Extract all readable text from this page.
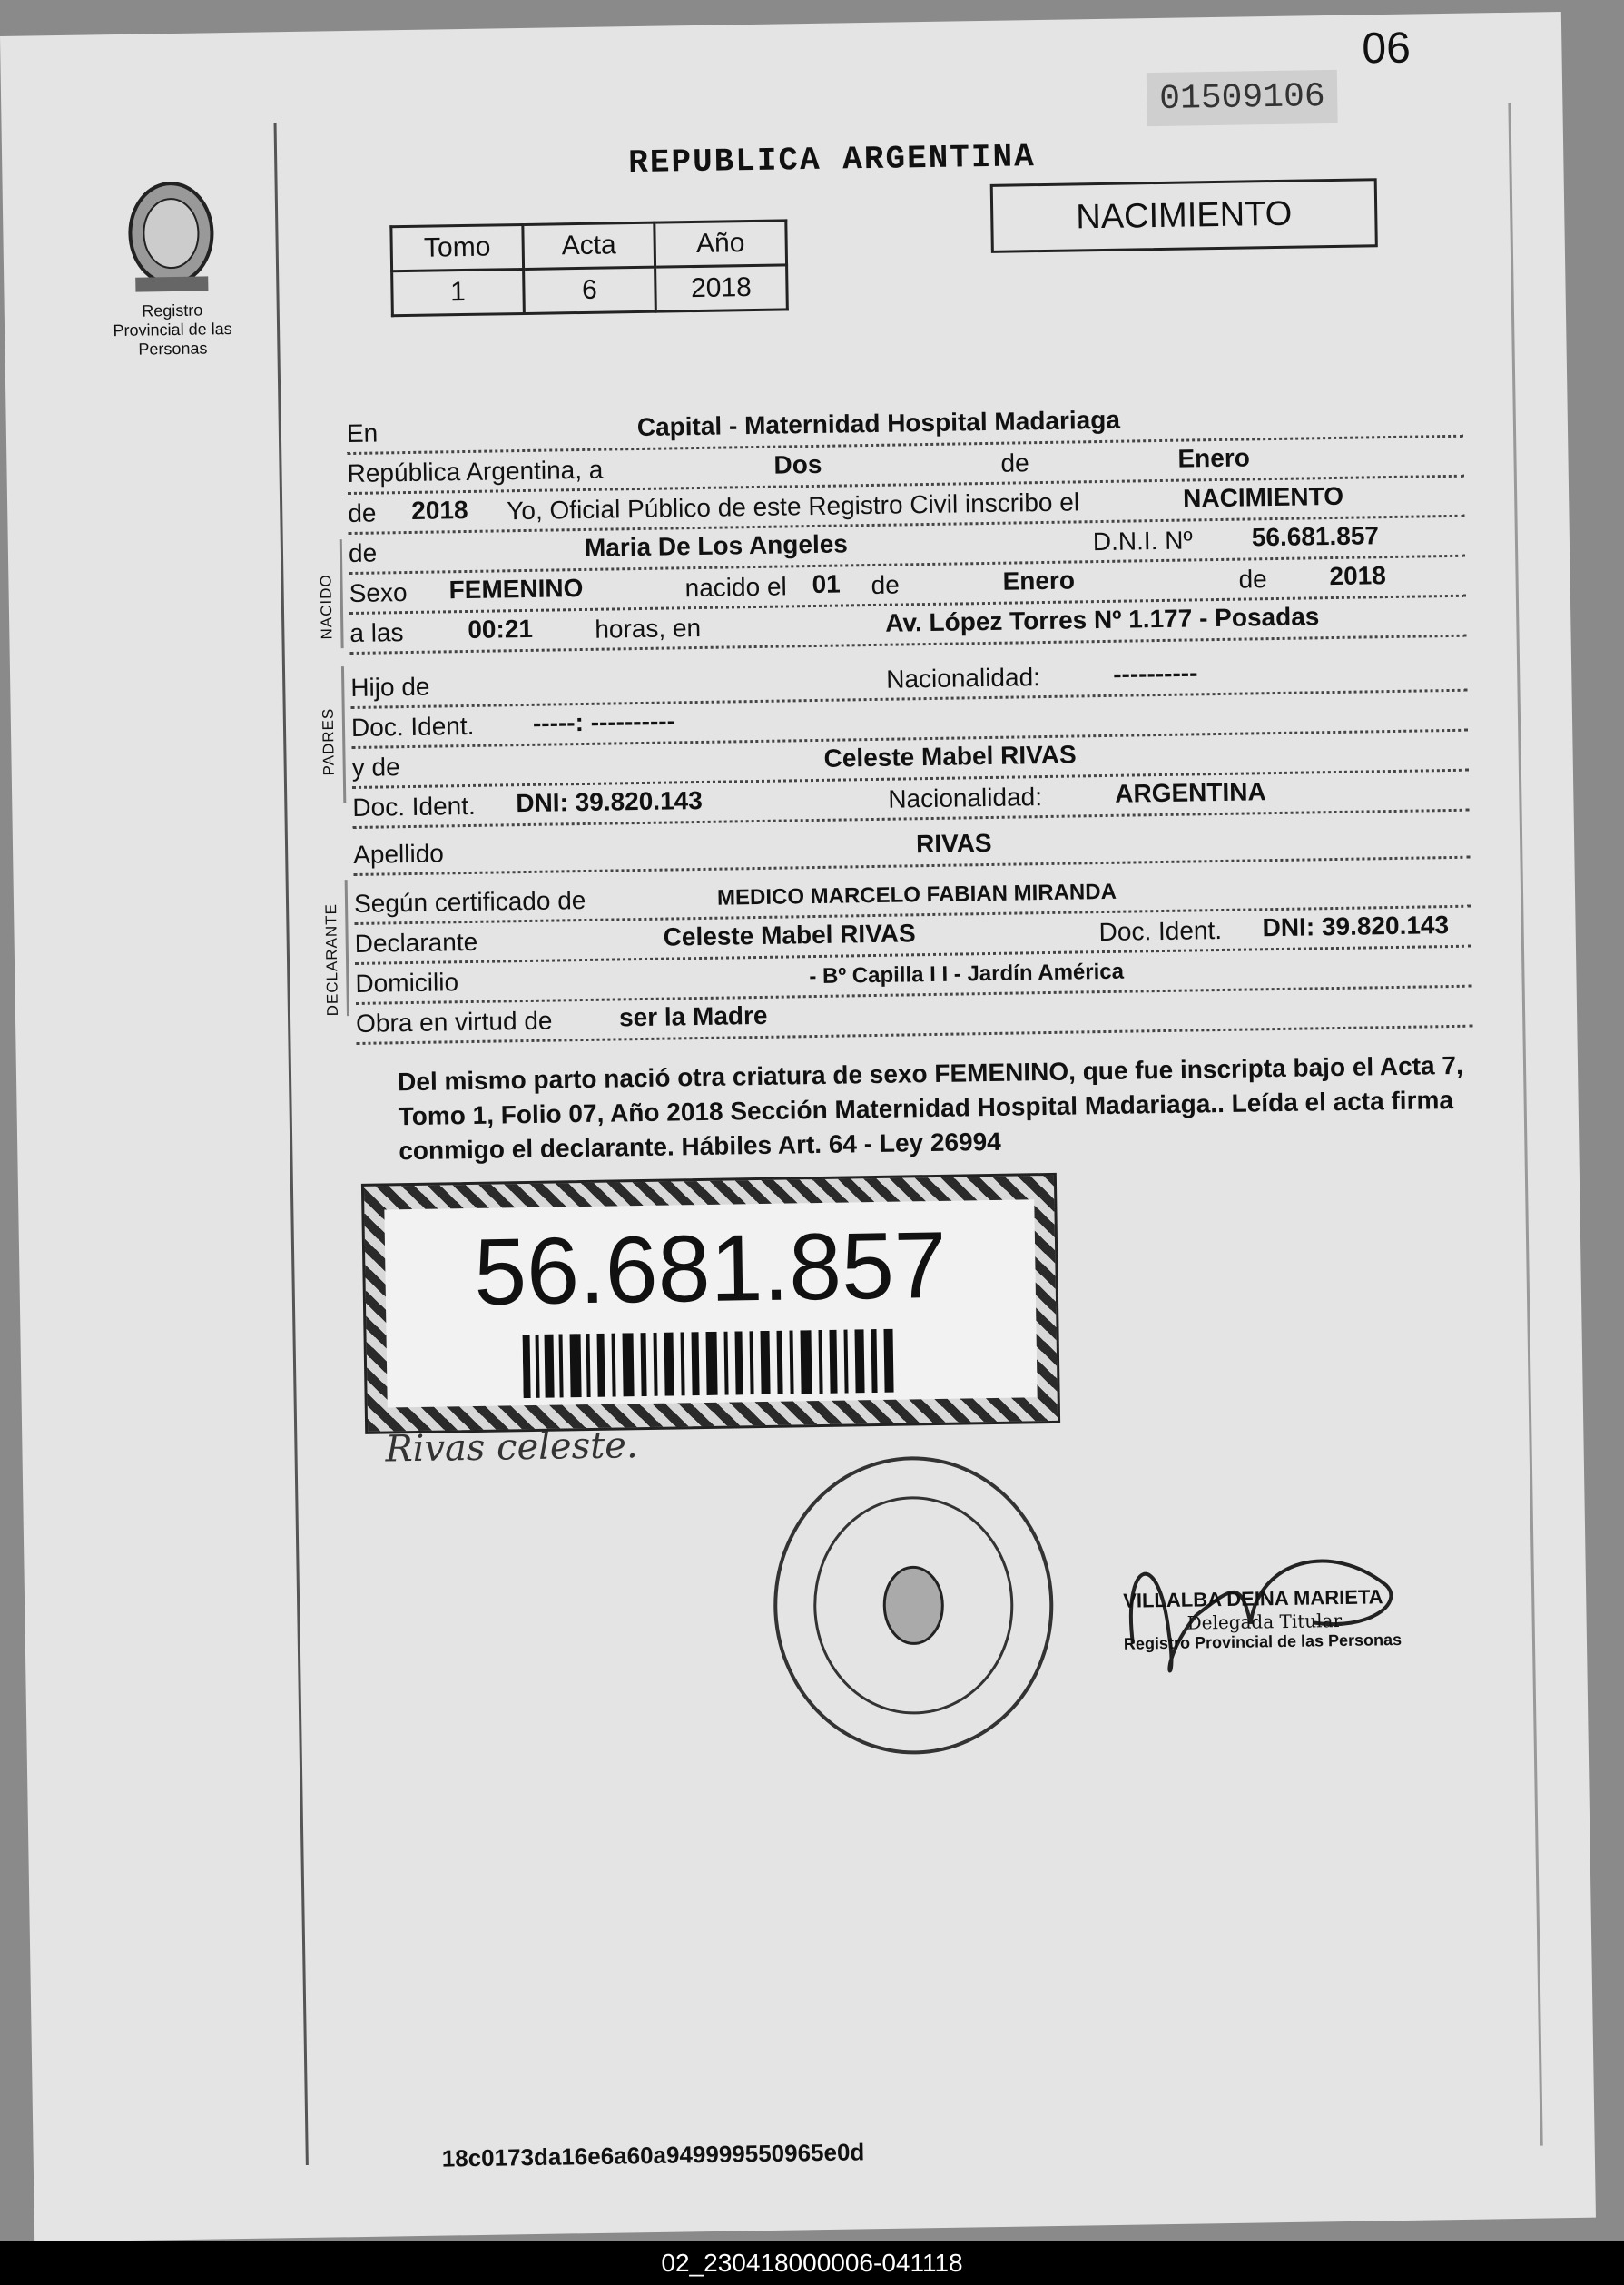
06
01509106
REPUBLICA ARGENTINA
NACIMIENTO
Tomo	Acta	Año
1	6	2018
Registro Provincial de las Personas
NACIDO
PADRES
DECLARANTE
En	Capital - Maternidad Hospital Madariaga
República Argentina, a	Dos	de	Enero
de 2018 Yo, Oficial Público de este Registro Civil inscribo el	NACIMIENTO
de	Maria De Los Angeles	D.N.I. Nº 56.681.857
Sexo FEMENINO	nacido el 01 de	Enero	de 2018
a las	00:21 horas, en	Av. López Torres Nº 1.177 - Posadas
Hijo de	Nacionalidad:	----------
Doc. Ident. -----: ----------
y de	Celeste Mabel RIVAS
Doc. Ident. DNI: 39.820.143	Nacionalidad:	ARGENTINA
Apellido	RIVAS
Según certificado de	MEDICO MARCELO FABIAN MIRANDA
Declarante	Celeste Mabel RIVAS	Doc. Ident. DNI: 39.820.143
Domicilio	- Bº Capilla I I - Jardín América
Obra en virtud de	ser la Madre
Del mismo parto nació otra criatura de sexo FEMENINO, que fue inscripta bajo el Acta 7, Tomo 1, Folio 07, Año 2018 Sección Maternidad Hospital Madariaga.. Leída el acta firma conmigo el declarante. Hábiles Art. 64 - Ley 26994
56.681.857
Rivas celeste.
VILLALBA DEINA MARIETA
Delegada Titular
Registro Provincial de las Personas
18c0173da16e6a60a949999550965e0d
02_230418000006-041118
